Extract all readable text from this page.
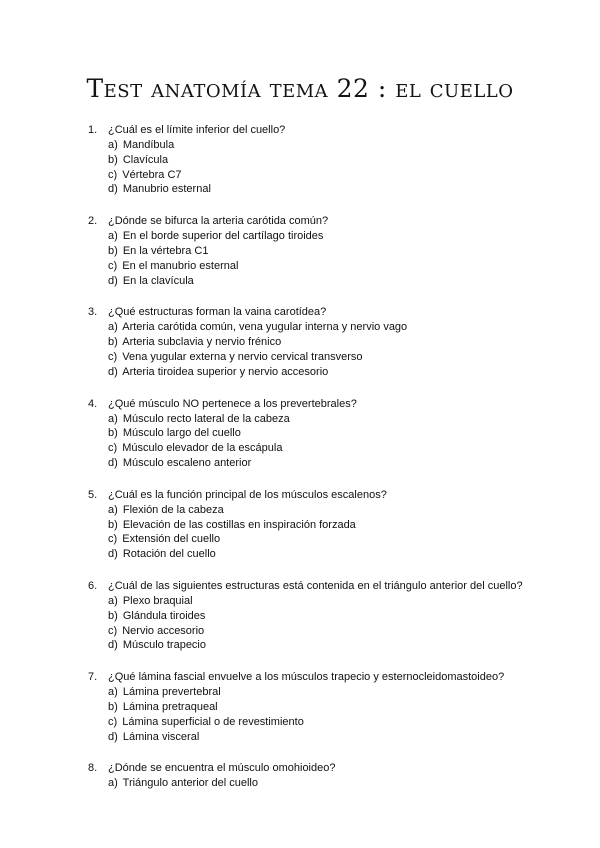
Test anatomía tema 22 : el cuello
1. ¿Cuál es el límite inferior del cuello?
a) Mandíbula
b) Clavícula
c) Vértebra C7
d) Manubrio esternal
2. ¿Dónde se bifurca la arteria carótida común?
a) En el borde superior del cartílago tiroides
b) En la vértebra C1
c) En el manubrio esternal
d) En la clavícula
3. ¿Qué estructuras forman la vaina carotídea?
a) Arteria carótida común, vena yugular interna y nervio vago
b) Arteria subclavia y nervio frénico
c) Vena yugular externa y nervio cervical transverso
d) Arteria tiroidea superior y nervio accesorio
4. ¿Qué músculo NO pertenece a los prevertebrales?
a) Músculo recto lateral de la cabeza
b) Músculo largo del cuello
c) Músculo elevador de la escápula
d) Músculo escaleno anterior
5. ¿Cuál es la función principal de los músculos escalenos?
a) Flexión de la cabeza
b) Elevación de las costillas en inspiración forzada
c) Extensión del cuello
d) Rotación del cuello
6. ¿Cuál de las siguientes estructuras está contenida en el triángulo anterior del cuello?
a) Plexo braquial
b) Glándula tiroides
c) Nervio accesorio
d) Músculo trapecio
7. ¿Qué lámina fascial envuelve a los músculos trapecio y esternocleidomastoideo?
a) Lámina prevertebral
b) Lámina pretraqueal
c) Lámina superficial o de revestimiento
d) Lámina visceral
8. ¿Dónde se encuentra el músculo omohioideo?
a) Triángulo anterior del cuello
